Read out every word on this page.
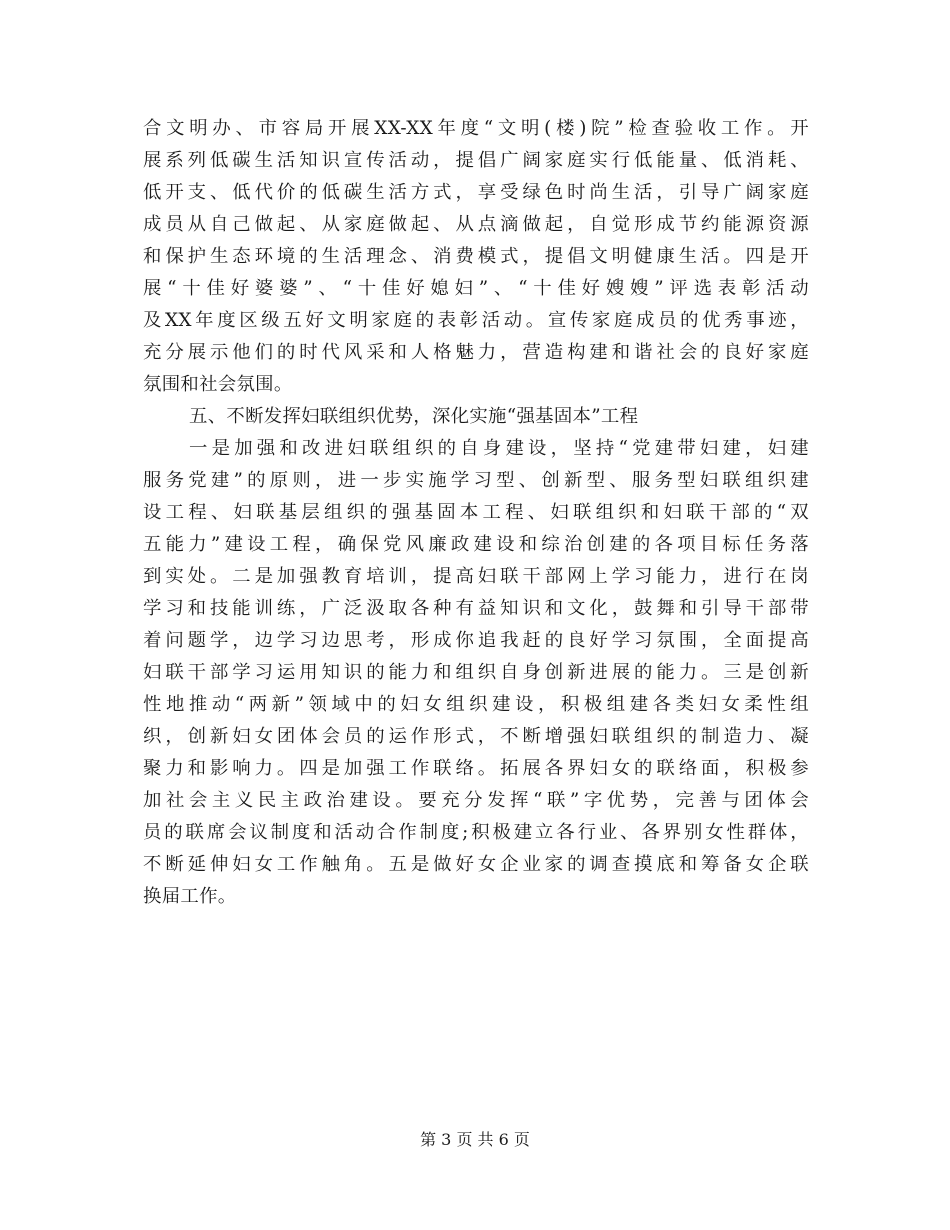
合文明办、市容局开展XX-XX年度“文明(楼)院”检查验收工作。开
展系列低碳生活知识宣传活动，提倡广阔家庭实行低能量、低消耗、
低开支、低代价的低碳生活方式，享受绿色时尚生活，引导广阔家庭
成员从自己做起、从家庭做起、从点滴做起，自觉形成节约能源资源
和保护生态环境的生活理念、消费模式，提倡文明健康生活。四是开
展“十佳好婆婆”、“十佳好媳妇”、“十佳好嫂嫂”评选表彰活动
及XX年度区级五好文明家庭的表彰活动。宣传家庭成员的优秀事迹，
充分展示他们的时代风采和人格魅力，营造构建和谐社会的良好家庭
氛围和社会氛围。
五、不断发挥妇联组织优势，深化实施“强基固本”工程
一是加强和改进妇联组织的自身建设，坚持“党建带妇建，妇建
服务党建”的原则，进一步实施学习型、创新型、服务型妇联组织建
设工程、妇联基层组织的强基固本工程、妇联组织和妇联干部的“双
五能力”建设工程，确保党风廉政建设和综治创建的各项目标任务落
到实处。二是加强教育培训，提高妇联干部网上学习能力，进行在岗
学习和技能训练，广泛汲取各种有益知识和文化，鼓舞和引导干部带
着问题学，边学习边思考，形成你追我赶的良好学习氛围，全面提高
妇联干部学习运用知识的能力和组织自身创新进展的能力。三是创新
性地推动“两新”领域中的妇女组织建设，积极组建各类妇女柔性组
织，创新妇女团体会员的运作形式，不断增强妇联组织的制造力、凝
聚力和影响力。四是加强工作联络。拓展各界妇女的联络面，积极参
加社会主义民主政治建设。要充分发挥“联”字优势，完善与团体会
员的联席会议制度和活动合作制度;积极建立各行业、各界别女性群体，
不断延伸妇女工作触角。五是做好女企业家的调查摸底和筹备女企联
换届工作。
第 3 页 共 6 页
